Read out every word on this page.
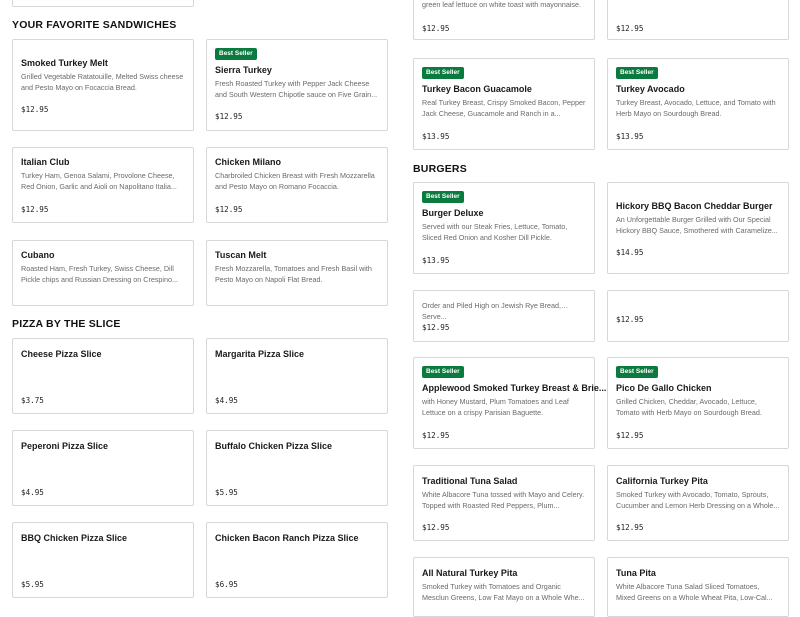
YOUR FAVORITE SANDWICHES
Smoked Turkey Melt
Grilled Vegetable Ratatouille, Melted Swiss cheese and Pesto Mayo on Focaccia Bread.
$12.95
Best Seller
Sierra Turkey
Fresh Roasted Turkey with Pepper Jack Cheese and South Western Chipotle sauce on Five Grain...
$12.95
Italian Club
Turkey Ham, Genoa Salami, Provolone Cheese, Red Onion, Garlic and Aioli on Napolitano Italia...
$12.95
Chicken Milano
Charbroiled Chicken Breast with Fresh Mozzarella and Pesto Mayo on Romano Focaccia.
$12.95
Cubano
Roasted Ham, Fresh Turkey, Swiss Cheese, Dill Pickle chips and Russian Dressing on Crespino...
Tuscan Melt
Fresh Mozzarella, Tomatoes and Fresh Basil with Pesto Mayo on Napoli Flat Bread.
PIZZA BY THE SLICE
Cheese Pizza Slice
$3.75
Margarita Pizza Slice
$4.95
Peperoni Pizza Slice
$4.95
Buffalo Chicken Pizza Slice
$5.95
BBQ Chicken Pizza Slice
$5.95
Chicken Bacon Ranch Pizza Slice
$6.95
green leaf lettuce on white toast with mayonnaise.
$12.95	$12.95
Best Seller
Turkey Bacon Guacamole
Real Turkey Breast, Crispy Smoked Bacon, Pepper Jack Cheese, Guacamole and Ranch in a...
$13.95
Best Seller
Turkey Avocado
Turkey Breast, Avocado, Lettuce, and Tomato with Herb Mayo on Sourdough Bread.
$13.95
BURGERS
Best Seller
Burger Deluxe
Served with our Steak Fries, Lettuce, Tomato, Sliced Red Onion and Kosher Dill Pickle.
$13.95
Hickory BBQ Bacon Cheddar Burger
An Unforgettable Burger Grilled with Our Special Hickory BBQ Sauce, Smothered with Caramelize...
$14.95
Order and Piled High on Jewish Rye Bread, Serve...
$12.95
$12.95
Best Seller
Applewood Smoked Turkey Breast & Brie...
with Honey Mustard, Plum Tomatoes and Leaf Lettuce on a crispy Parisian Baguette.
$12.95
Best Seller
Pico De Gallo Chicken
Grilled Chicken, Cheddar, Avocado, Lettuce, Tomato with Herb Mayo on Sourdough Bread.
$12.95
Traditional Tuna Salad
White Albacore Tuna tossed with Mayo and Celery. Topped with Roasted Red Peppers, Plum...
$12.95
California Turkey Pita
Smoked Turkey with Avocado, Tomato, Sprouts, Cucumber and Lemon Herb Dressing on a Whole...
$12.95
All Natural Turkey Pita
Smoked Turkey with Tomatoes and Organic Mesclun Greens, Low Fat Mayo on a Whole Whe...
Tuna Pita
White Albacore Tuna Salad Sliced Tomatoes, Mixed Greens on a Whole Wheat Pita, Low-Cal...
